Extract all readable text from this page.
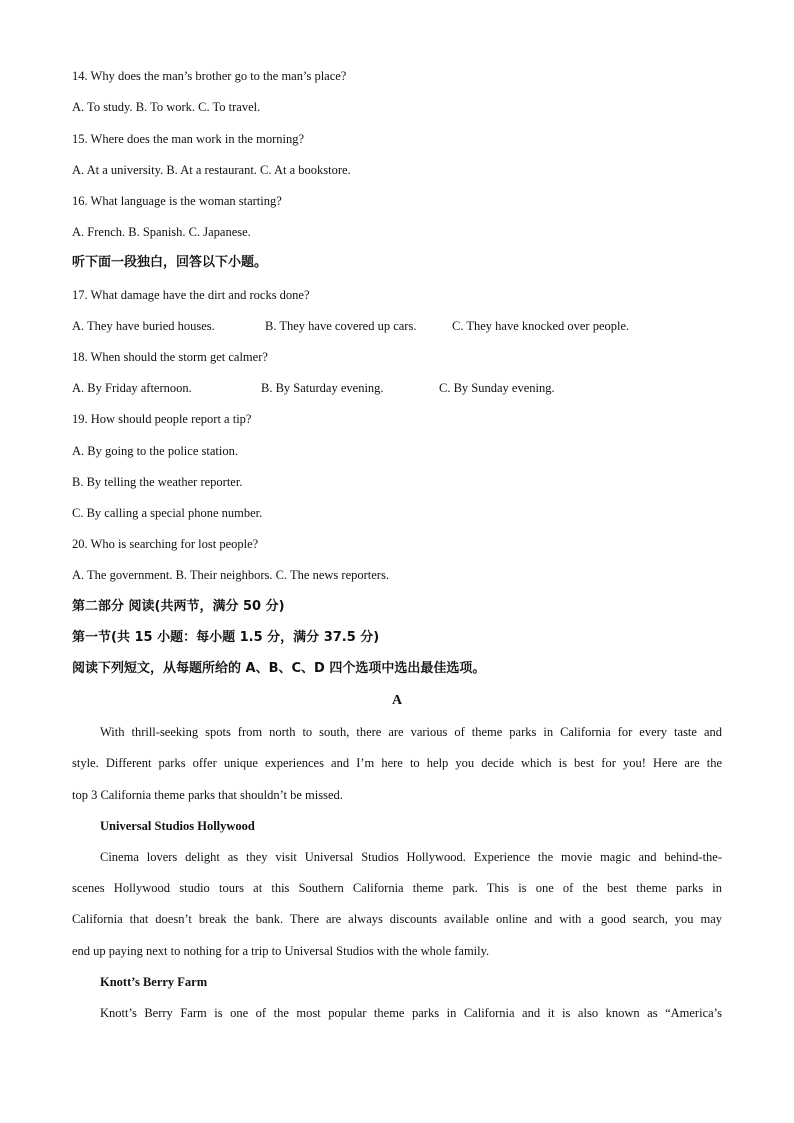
14. Why does the man’s brother go to the man’s place?
A. To study. B. To work. C. To travel.
15. Where does the man work in the morning?
A. At a university. B. At a restaurant. C. At a bookstore.
16. What language is the woman starting?
A. French. B. Spanish. C. Japanese.
听下面一段独白，回答以下小题。
17. What damage have the dirt and rocks done?
A. They have buried houses.	B. They have covered up cars.	C. They have knocked over people.
18. When should the storm get calmer?
A. By Friday afternoon.	B. By Saturday evening.	C. By Sunday evening.
19. How should people report a tip?
A. By going to the police station.
B. By telling the weather reporter.
C. By calling a special phone number.
20. Who is searching for lost people?
A. The government. B. Their neighbors. C. The news reporters.
第二部分 阅读(共两节，满分 50 分)
第一节(共 15 小题：每小题 1.5 分，满分 37.5 分)
阅读下列短文，从每题所给的 A、B、C、D 四个选项中选出最佳选项。
A
With thrill-seeking spots from north to south, there are various of theme parks in California for every taste and
style. Different parks offer unique experiences and I’m here to help you decide which is best for you! Here are the
top 3 California theme parks that shouldn’t be missed.
Universal Studios Hollywood
Cinema lovers delight as they visit Universal Studios Hollywood. Experience the movie magic and behind-the-
scenes Hollywood studio tours at this Southern California theme park. This is one of the best theme parks in
California that doesn’t break the bank. There are always discounts available online and with a good search, you may
end up paying next to nothing for a trip to Universal Studios with the whole family.
Knott’s Berry Farm
Knott’s Berry Farm is one of the most popular theme parks in California and it is also known as “America’s
